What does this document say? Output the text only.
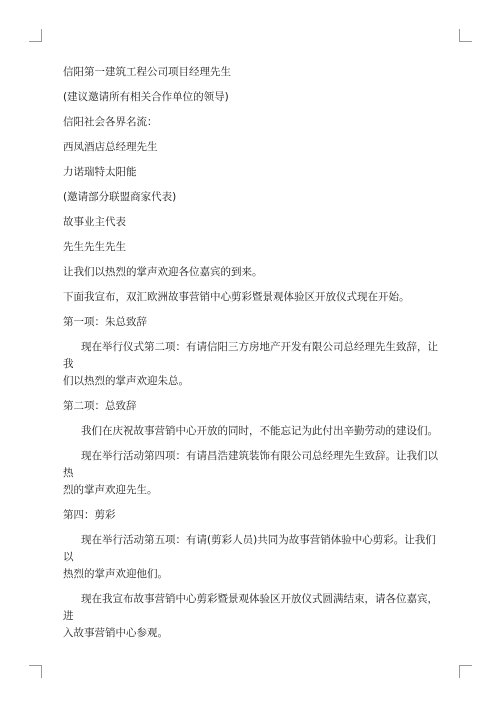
信阳第一建筑工程公司项目经理先生

(建议邀请所有相关合作单位的领导)

信阳社会各界名流：

西凤酒店总经理先生

力诺瑞特太阳能

(邀请部分联盟商家代表)

故事业主代表

先生先生先生

让我们以热烈的掌声欢迎各位嘉宾的到来。

下面我宣布，双汇欧洲故事营销中心剪彩暨景观体验区开放仪式现在开始。

第一项：朱总致辞

现在举行仪式第二项：有请信阳三方房地产开发有限公司总经理先生致辞，让我

们以热烈的掌声欢迎朱总。

第二项：总致辞

我们在庆祝故事营销中心开放的同时，不能忘记为此付出辛勤劳动的建设们。

现在举行活动第四项：有请昌浩建筑装饰有限公司总经理先生致辞。让我们以热

烈的掌声欢迎先生。

第四：剪彩

现在举行活动第五项：有请(剪彩人员)共同为故事营销体验中心剪彩。让我们以

热烈的掌声欢迎他们。

现在我宣布故事营销中心剪彩暨景观体验区开放仪式圆满结束，请各位嘉宾，进

入故事营销中心参观。
